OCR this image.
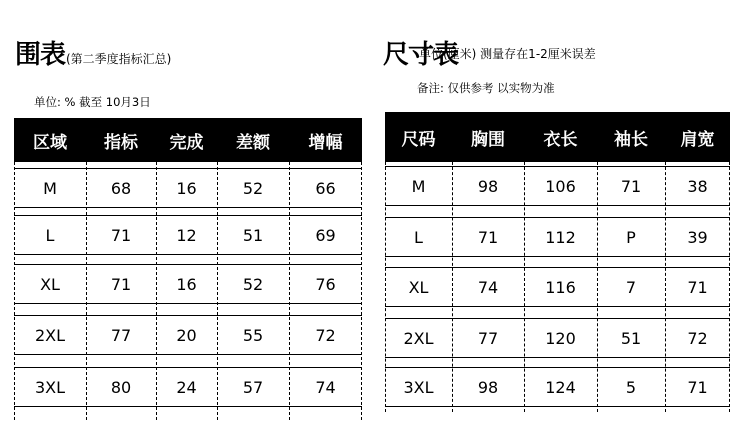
围表 (第二季度指标汇总)
单位: % 截至 10月3日
区域	指标	完成	差额	增幅
M	68	16	52	66
L	71	12	51	69
XL	71	16	52	76
2XL	77	20	55	72
3XL	80	24	57	74
尺寸表
单位(厘米) 测量存在1-2厘米误差
备注: 仅供参考 以实物为准
尺码	胸围	衣长	袖长	肩宽
M	98	106	71	38
L	71	112	P	39
XL	74	116	7	71
2XL	77	120	51	72
3XL	98	124	5	71
